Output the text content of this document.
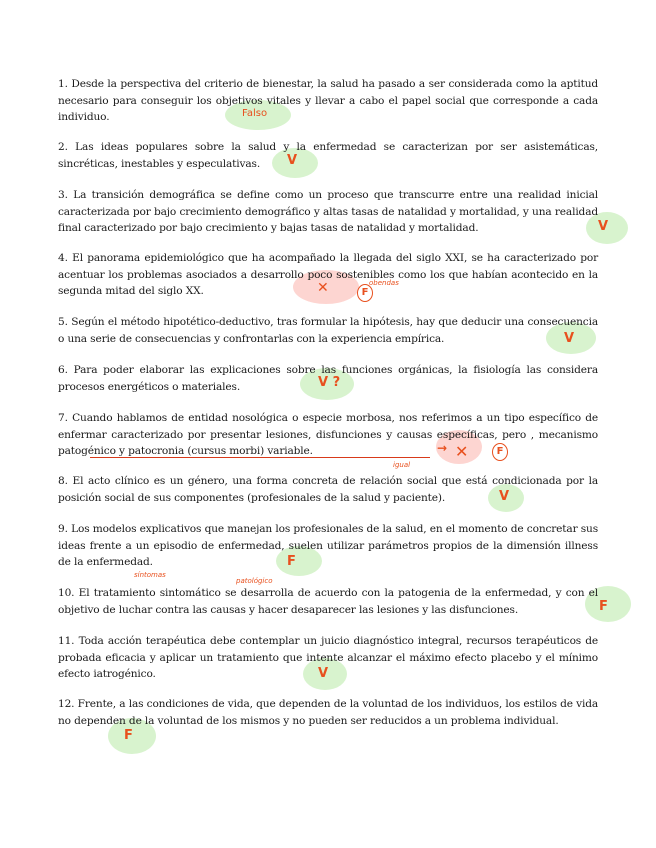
1. Desde la perspectiva del criterio de bienestar, la salud ha pasado a ser considerada como la aptitud necesario para conseguir los objetivos vitales y llevar a cabo el papel social que corresponde a cada individuo.

2. Las ideas populares sobre la salud y la enfermedad se caracterizan por ser asistemáticas, sincréticas, inestables y especulativas.

3. La transición demográfica se define como un proceso que transcurre entre una realidad inicial caracterizada por bajo crecimiento demográfico y altas tasas de natalidad y mortalidad, y una realidad final caracterizado por bajo crecimiento y bajas tasas de natalidad y mortalidad.

4. El panorama epidemiológico que ha acompañado la llegada del siglo XXI, se ha caracterizado por acentuar los problemas asociados a desarrollo poco sostenibles como los que habían acontecido en la segunda mitad del siglo XX.

5. Según el método hipotético-deductivo, tras formular la hipótesis, hay que deducir una consecuencia o una serie de consecuencias y confrontarlas con la experiencia empírica.

6. Para poder elaborar las explicaciones sobre las funciones orgánicas, la fisiología las considera procesos energéticos o materiales.

7. Cuando hablamos de entidad nosológica o especie morbosa, nos referimos a un tipo específico de enfermar caracterizado por presentar lesiones, disfunciones y causas específicas, pero , mecanismo patogénico y patocronia (cursus morbi) variable.

8. El acto clínico es un género, una forma concreta de relación social que está condicionada por la posición social de sus componentes (profesionales de la salud y paciente).

9. Los modelos explicativos que manejan los profesionales de la salud, en el momento de concretar sus ideas frente a un episodio de enfermedad, suelen utilizar parámetros propios de la dimensión illness de la enfermedad.

10. El tratamiento sintomático se desarrolla de acuerdo con la patogenia de la enfermedad, y con el objetivo de luchar contra las causas y hacer desaparecer las lesiones y las disfunciones.

11. Toda acción terapéutica debe contemplar un juicio diagnóstico integral, recursos terapéuticos de probada eficacia y aplicar un tratamiento que intente alcanzar el máximo efecto placebo y el mínimo efecto iatrogénico.

12. Frente, a las condiciones de vida, que dependen de la voluntad de los individuos, los estilos de vida no dependen de la voluntad de los mismos y no pueden ser reducidos a un problema individual.

Falso
V
V
✕	F
obendas
V
V ?
→ ✕	F
igual
V
F
síntomas
patológico
F
V
F
